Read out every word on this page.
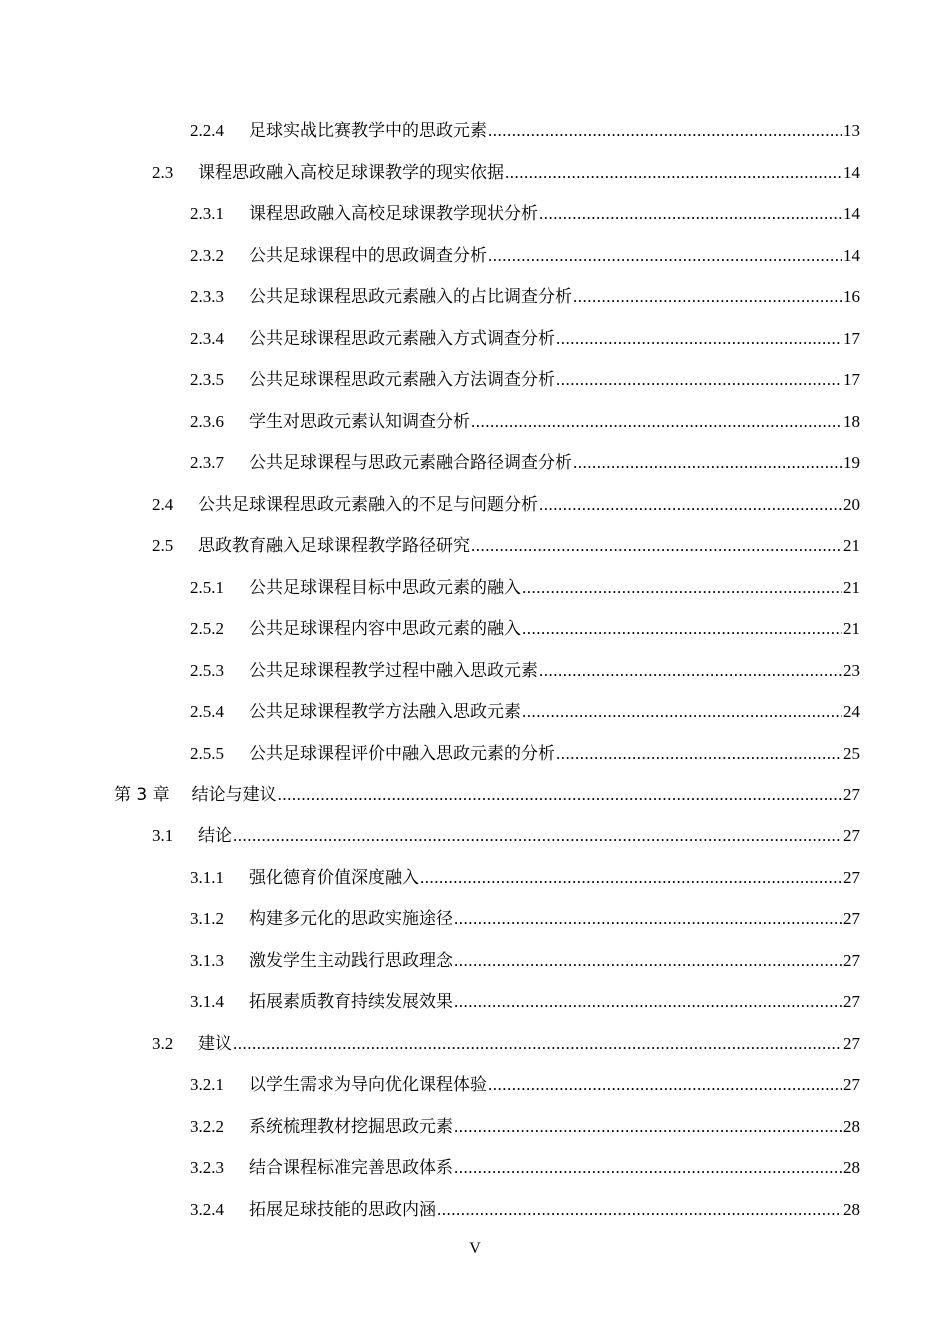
2.2.4	足球实战比赛教学中的思政元素 .....	13
2.3	课程思政融入高校足球课教学的现实依据 .....	14
2.3.1	课程思政融入高校足球课教学现状分析 .....	14
2.3.2	公共足球课程中的思政调查分析 .....	14
2.3.3	公共足球课程思政元素融入的占比调查分析 .....	16
2.3.4	公共足球课程思政元素融入方式调查分析 .....	17
2.3.5	公共足球课程思政元素融入方法调查分析 .....	17
2.3.6	学生对思政元素认知调查分析 .....	18
2.3.7	公共足球课程与思政元素融合路径调查分析 .....	19
2.4	公共足球课程思政元素融入的不足与问题分析 .....	20
2.5	思政教育融入足球课程教学路径研究 .....	21
2.5.1	公共足球课程目标中思政元素的融入 .....	21
2.5.2	公共足球课程内容中思政元素的融入 .....	21
2.5.3	公共足球课程教学过程中融入思政元素 .....	23
2.5.4	公共足球课程教学方法融入思政元素 .....	24
2.5.5	公共足球课程评价中融入思政元素的分析 .....	25
第 3 章 结论与建议 .....	27
3.1	结论 .....	27
3.1.1	强化德育价值深度融入 .....	27
3.1.2	构建多元化的思政实施途径 .....	27
3.1.3	激发学生主动践行思政理念 .....	27
3.1.4	拓展素质教育持续发展效果 .....	27
3.2	建议 .....	27
3.2.1	以学生需求为导向优化课程体验 .....	27
3.2.2	系统梳理教材挖掘思政元素 .....	28
3.2.3	结合课程标准完善思政体系 .....	28
3.2.4	拓展足球技能的思政内涵 .....	28
V
